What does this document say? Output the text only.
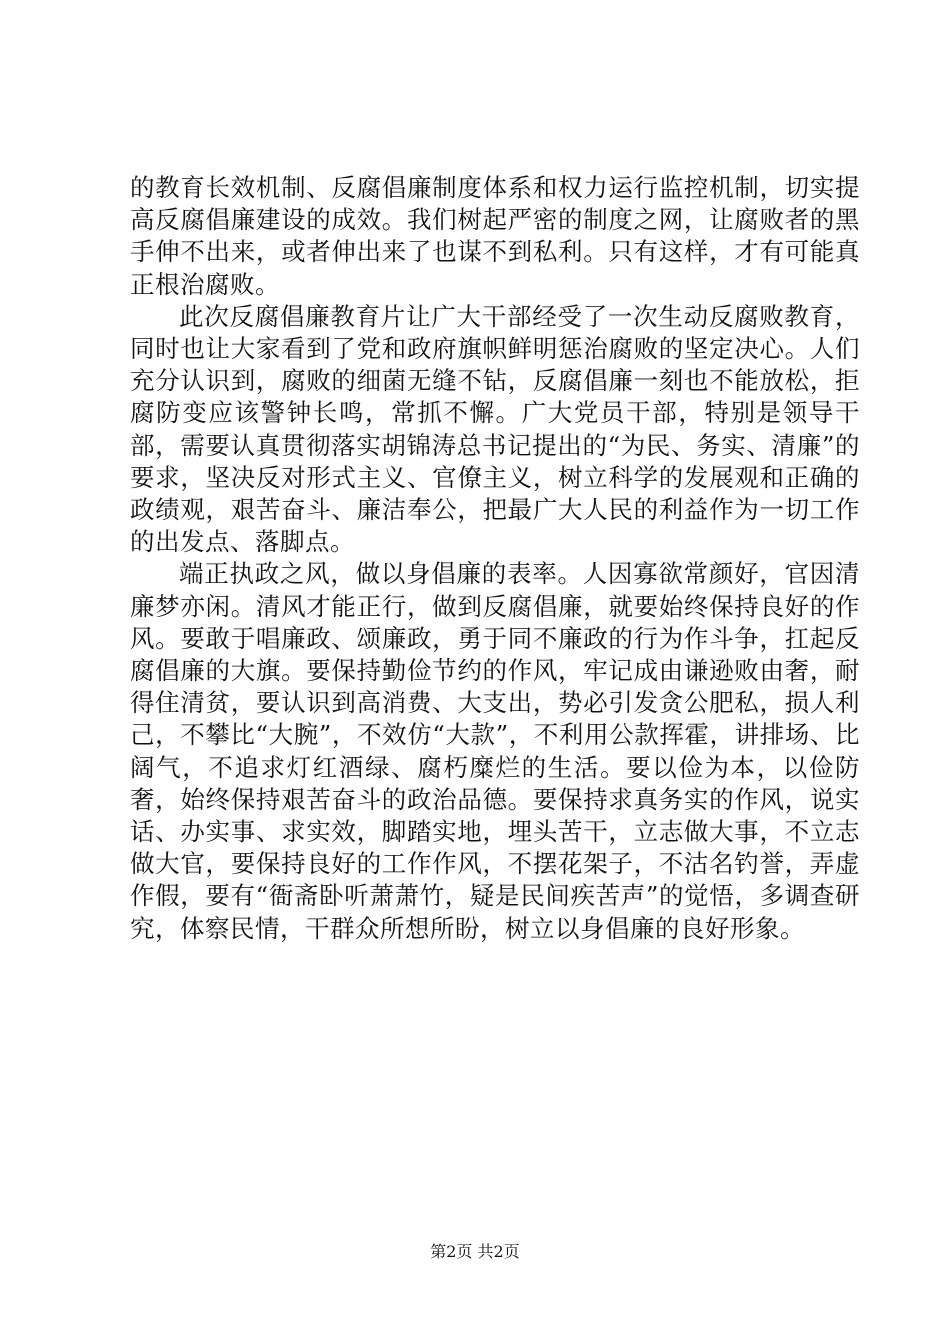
的教育长效机制、反腐倡廉制度体系和权力运行监控机制，切实提高反腐倡廉建设的成效。我们树起严密的制度之网，让腐败者的黑手伸不出来，或者伸出来了也谋不到私利。只有这样，才有可能真正根治腐败。

此次反腐倡廉教育片让广大干部经受了一次生动反腐败教育，同时也让大家看到了党和政府旗帜鲜明惩治腐败的坚定决心。人们充分认识到，腐败的细菌无缝不钻，反腐倡廉一刻也不能放松，拒腐防变应该警钟长鸣，常抓不懈。广大党员干部，特别是领导干部，需要认真贯彻落实胡锦涛总书记提出的“为民、务实、清廉”的要求，坚决反对形式主义、官僚主义，树立科学的发展观和正确的政绩观，艰苦奋斗、廉洁奉公，把最广大人民的利益作为一切工作的出发点、落脚点。

端正执政之风，做以身倡廉的表率。人因寡欲常颜好，官因清廉梦亦闲。清风才能正行，做到反腐倡廉，就要始终保持良好的作风。要敢于唱廉政、颂廉政，勇于同不廉政的行为作斗争，扛起反腐倡廉的大旗。要保持勤俭节约的作风，牢记成由谦逊败由奢，耐得住清贫，要认识到高消费、大支出，势必引发贪公肥私，损人利己，不攀比“大腕”，不效仿“大款”，不利用公款挥霍，讲排场、比阔气，不追求灯红酒绿、腐朽糜烂的生活。要以俭为本，以俭防奢，始终保持艰苦奋斗的政治品德。要保持求真务实的作风，说实话、办实事、求实效，脚踏实地，埋头苦干，立志做大事，不立志做大官，要保持良好的工作作风，不摆花架子，不沽名钓誉，弄虚作假，要有“衙斋卧听萧萧竹，疑是民间疾苦声”的觉悟，多调查研究，体察民情，干群众所想所盼，树立以身倡廉的良好形象。

第2页 共2页
